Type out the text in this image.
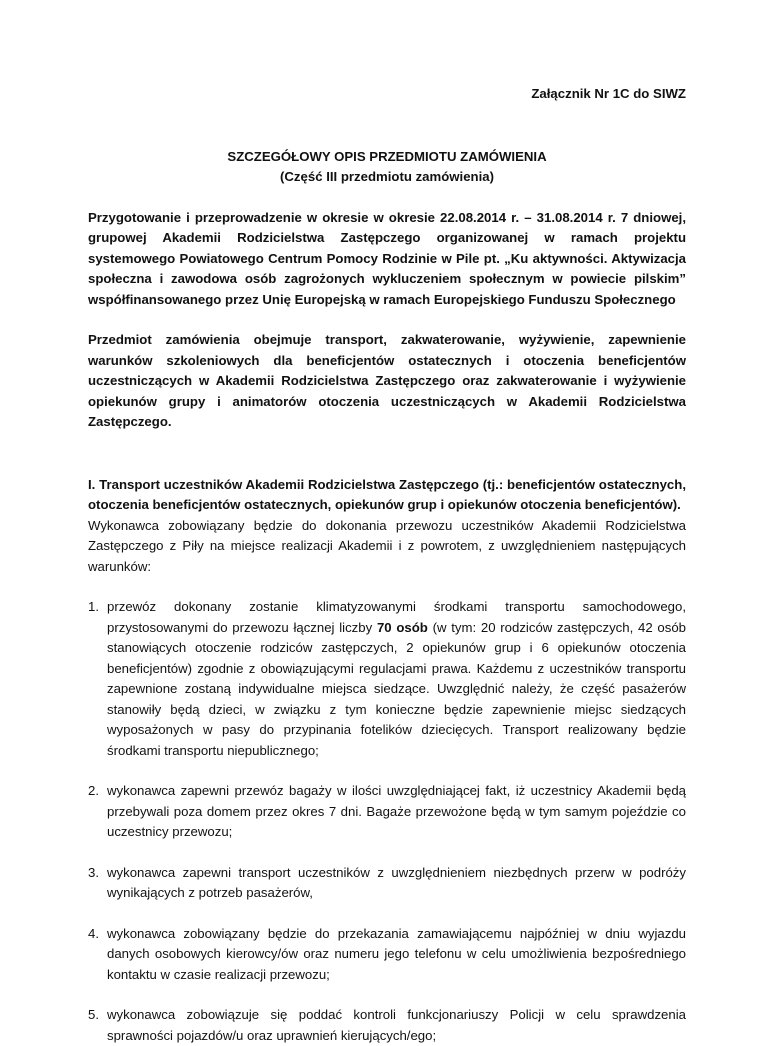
Załącznik Nr 1C do SIWZ

SZCZEGÓŁOWY OPIS PRZEDMIOTU ZAMÓWIENIA
(Część III przedmiotu zamówienia)
Przygotowanie i przeprowadzenie w okresie w okresie 22.08.2014 r. – 31.08.2014 r. 7 dniowej, grupowej Akademii Rodzicielstwa Zastępczego organizowanej w ramach projektu systemowego Powiatowego Centrum Pomocy Rodzinie w Pile pt. „Ku aktywności. Aktywizacja społeczna i zawodowa osób zagrożonych wykluczeniem społecznym w powiecie pilskim” współfinansowanego przez Unię Europejską w ramach Europejskiego Funduszu Społecznego
Przedmiot zamówienia obejmuje transport, zakwaterowanie, wyżywienie, zapewnienie warunków szkoleniowych dla beneficjentów ostatecznych i otoczenia beneficjentów uczestniczących w Akademii Rodzicielstwa Zastępczego oraz zakwaterowanie i wyżywienie opiekunów grupy i animatorów otoczenia uczestniczących w Akademii Rodzicielstwa Zastępczego.
I. Transport uczestników Akademii Rodzicielstwa Zastępczego (tj.: beneficjentów ostatecznych, otoczenia beneficjentów ostatecznych, opiekunów grup i opiekunów otoczenia beneficjentów).
Wykonawca zobowiązany będzie do dokonania przewozu uczestników Akademii Rodzicielstwa Zastępczego z Piły na miejsce realizacji Akademii i z powrotem, z uwzględnieniem następujących warunków:
1. przewóz dokonany zostanie klimatyzowanymi środkami transportu samochodowego, przystosowanymi do przewozu łącznej liczby 70 osób (w tym: 20 rodziców zastępczych, 42 osób stanowiących otoczenie rodziców zastępczych, 2 opiekunów grup i 6 opiekunów otoczenia beneficjentów) zgodnie z obowiązującymi regulacjami prawa. Każdemu z uczestników transportu zapewnione zostaną indywidualne miejsca siedzące. Uwzględnić należy, że część pasażerów stanowiły będą dzieci, w związku z tym konieczne będzie zapewnienie miejsc siedzących wyposażonych w pasy do przypinania fotelików dziecięcych. Transport realizowany będzie środkami transportu niepublicznego;
2. wykonawca zapewni przewóz bagaży w ilości uwzględniającej fakt, iż uczestnicy Akademii będą przebywali poza domem przez okres 7 dni. Bagaże przewożone będą w tym samym pojeździe co uczestnicy przewozu;
3. wykonawca zapewni transport uczestników z uwzględnieniem niezbędnych przerw w podróży wynikających z potrzeb pasażerów,
4. wykonawca zobowiązany będzie do przekazania zamawiającemu najpóźniej w dniu wyjazdu danych osobowych kierowcy/ów oraz numeru jego telefonu w celu umożliwienia bezpośredniego kontaktu w czasie realizacji przewozu;
5. wykonawca zobowiązuje się poddać kontroli funkcjonariuszy Policji w celu sprawdzenia sprawności pojazdów/u oraz uprawnień kierujących/ego;
